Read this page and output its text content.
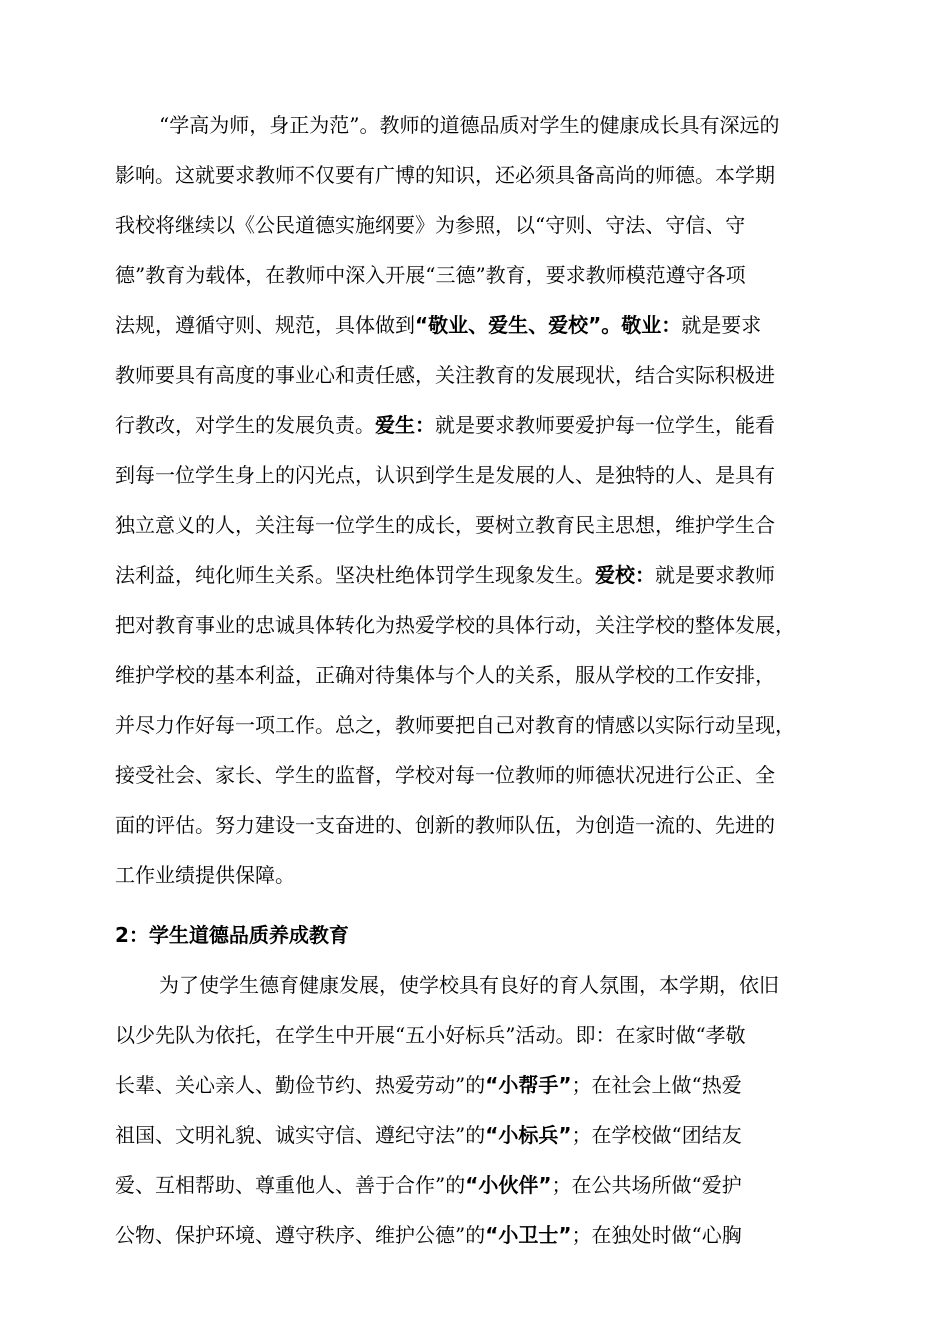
“学高为师，身正为范”。教师的道德品质对学生的健康成长具有深远的
影响。这就要求教师不仅要有广博的知识，还必须具备高尚的师德。本学期
我校将继续以《公民道德实施纲要》为参照，以“守则、守法、守信、守
德”教育为载体，在教师中深入开展“三德”教育，要求教师模范遵守各项
法规，遵循守则、规范，具体做到“敬业、爱生、爱校”。敬业：就是要求
教师要具有高度的事业心和责任感，关注教育的发展现状，结合实际积极进
行教改，对学生的发展负责。爱生：就是要求教师要爱护每一位学生，能看
到每一位学生身上的闪光点，认识到学生是发展的人、是独特的人、是具有
独立意义的人，关注每一位学生的成长，要树立教育民主思想，维护学生合
法利益，纯化师生关系。坚决杜绝体罚学生现象发生。爱校：就是要求教师
把对教育事业的忠诚具体转化为热爱学校的具体行动，关注学校的整体发展，
维护学校的基本利益，正确对待集体与个人的关系，服从学校的工作安排，
并尽力作好每一项工作。总之，教师要把自己对教育的情感以实际行动呈现，
接受社会、家长、学生的监督，学校对每一位教师的师德状况进行公正、全
面的评估。努力建设一支奋进的、创新的教师队伍，为创造一流的、先进的
工作业绩提供保障。
2：学生道德品质养成教育
为了使学生德育健康发展，使学校具有良好的育人氛围，本学期，依旧
以少先队为依托，在学生中开展“五小好标兵”活动。即：在家时做“孝敬
长辈、关心亲人、勤俭节约、热爱劳动”的“小帮手”；在社会上做“热爱
祖国、文明礼貌、诚实守信、遵纪守法”的“小标兵”；在学校做“团结友
爱、互相帮助、尊重他人、善于合作”的“小伙伴”；在公共场所做“爱护
公物、保护环境、遵守秩序、维护公德”的“小卫士”；在独处时做“心胸
